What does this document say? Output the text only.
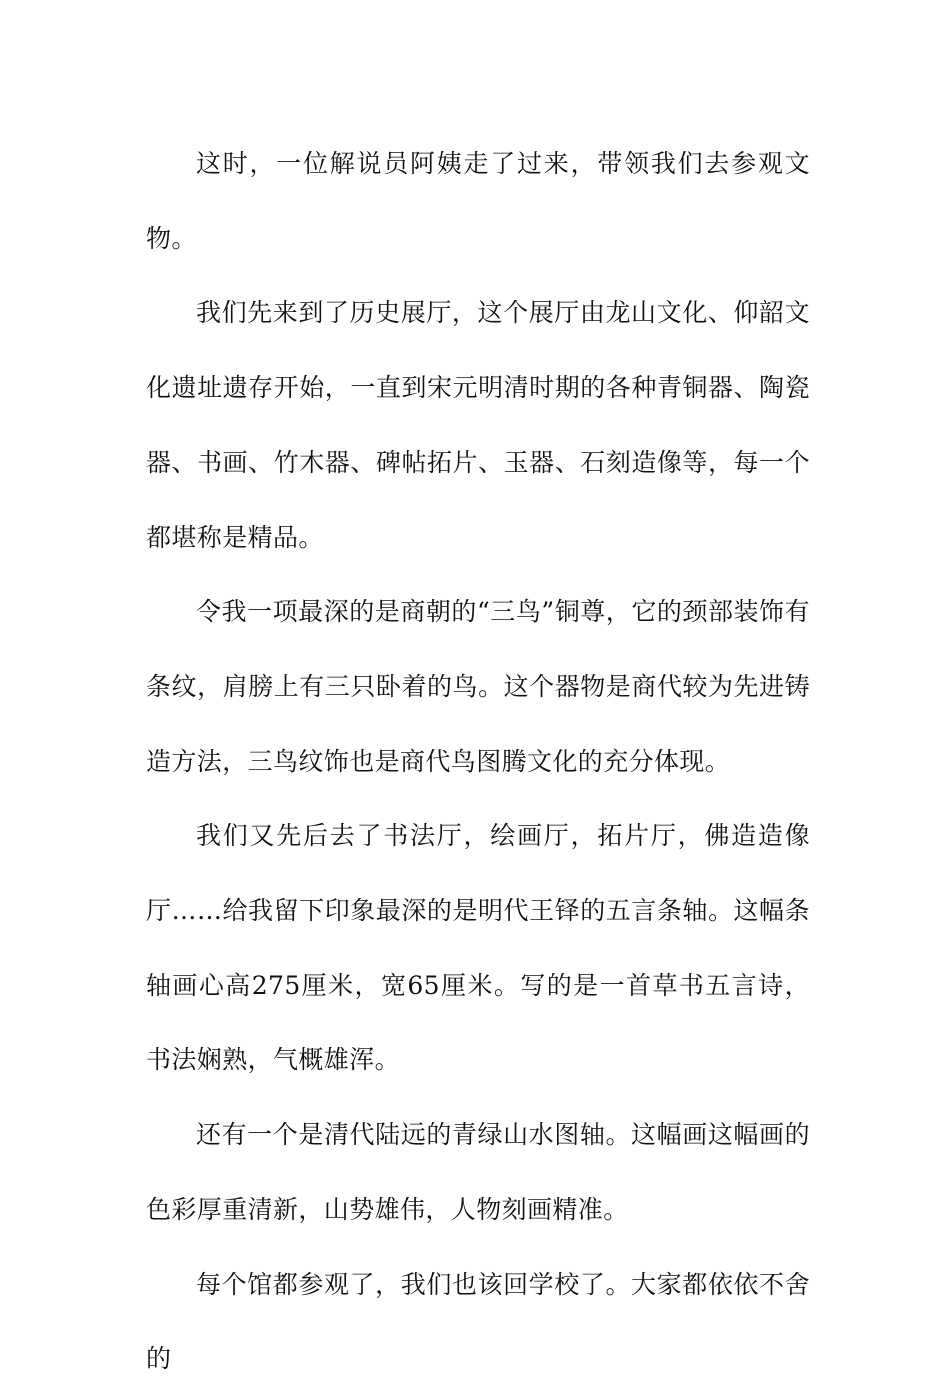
这时，一位解说员阿姨走了过来，带领我们去参观文物。

我们先来到了历史展厅，这个展厅由龙山文化、仰韶文化遗址遗存开始，一直到宋元明清时期的各种青铜器、陶瓷器、书画、竹木器、碑帖拓片、玉器、石刻造像等，每一个都堪称是精品。

令我一项最深的是商朝的“三鸟”铜尊，它的颈部装饰有条纹，肩膀上有三只卧着的鸟。这个器物是商代较为先进铸造方法，三鸟纹饰也是商代鸟图腾文化的充分体现。

我们又先后去了书法厅，绘画厅，拓片厅，佛造造像厅……给我留下印象最深的是明代王铎的五言条轴。这幅条轴画心高275厘米，宽65厘米。写的是一首草书五言诗，书法娴熟，气概雄浑。

还有一个是清代陆远的青绿山水图轴。这幅画这幅画的色彩厚重清新，山势雄伟，人物刻画精准。

每个馆都参观了，我们也该回学校了。大家都依依不舍的
